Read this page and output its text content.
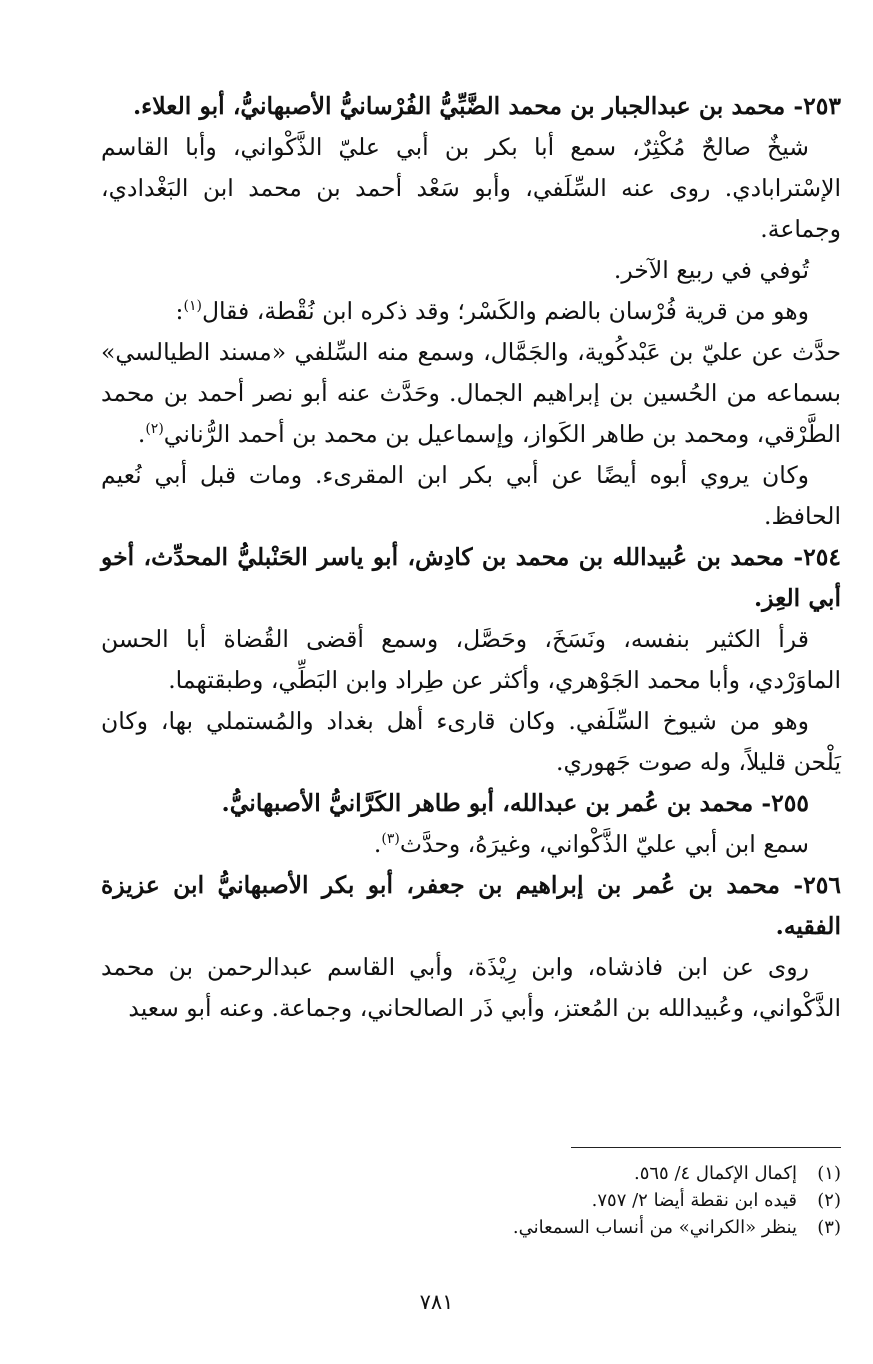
٢٥٣- محمد بن عبدالجبار بن محمد الضَّبِّيُّ الفُرْسانيُّ الأصبهانيُّ، أبو العلاء.

شيخٌ صالحٌ مُكْثِرٌ، سمع أبا بكر بن أبي عليّ الذَّكْواني، وأبا القاسم الإسْترابادي. روى عنه السِّلَفي، وأبو سَعْد أحمد بن محمد ابن البَغْدادي، وجماعة.

تُوفي في ربيع الآخر.

وهو من قرية فُرْسان بالضم والكَسْر؛ وقد ذكره ابن نُقْطة، فقال$^{(١)}$:

حدَّث عن عليّ بن عَبْدكُوية، والجَمَّال، وسمع منه السِّلفي «مسند الطيالسي» بسماعه من الحُسين بن إبراهيم الجمال. وحَدَّث عنه أبو نصر أحمد بن محمد الطَّرْقي، ومحمد بن طاهر الكَواز، وإسماعيل بن محمد بن أحمد الرُّناني$^{(٢)}$.

وكان يروي أبوه أيضًا عن أبي بكر ابن المقرىء. ومات قبل أبي نُعيم الحافظ.

٢٥٤- محمد بن عُبيدالله بن محمد بن كادِش، أبو ياسر الحَنْبليُّ المحدِّث، أخو أبي العِز.

قرأ الكثير بنفسه، ونَسَخَ، وحَصَّل، وسمع أقضى القُضاة أبا الحسن الماوَرْدي، وأبا محمد الجَوْهري، وأكثر عن طِراد وابن البَطِّي، وطبقتهما.

وهو من شيوخ السِّلَفي. وكان قارىء أهل بغداد والمُستملي بها، وكان يَلْحن قليلاً، وله صوت جَهوري.

٢٥٥- محمد بن عُمر بن عبدالله، أبو طاهر الكَرَّانيُّ الأصبهانيُّ.

سمع ابن أبي عليّ الذَّكْواني، وغيرَهُ، وحدَّث$^{(٣)}$.

٢٥٦- محمد بن عُمر بن إبراهيم بن جعفر، أبو بكر الأصبهانيُّ ابن عزيزة الفقيه.

روى عن ابن فاذشاه، وابن رِيْذَة، وأبي القاسم عبدالرحمن بن محمد الذَّكْواني، وعُبيدالله بن المُعتز، وأبي ذَر الصالحاني، وجماعة. وعنه أبو سعيد

(١)إكمال الإكمال ٤/ ٥٦٥.
(٢)قيده ابن نقطة أيضا ٢/ ٧٥٧.
(٣)ينظر «الكراني» من أنساب السمعاني.
٧٨١
